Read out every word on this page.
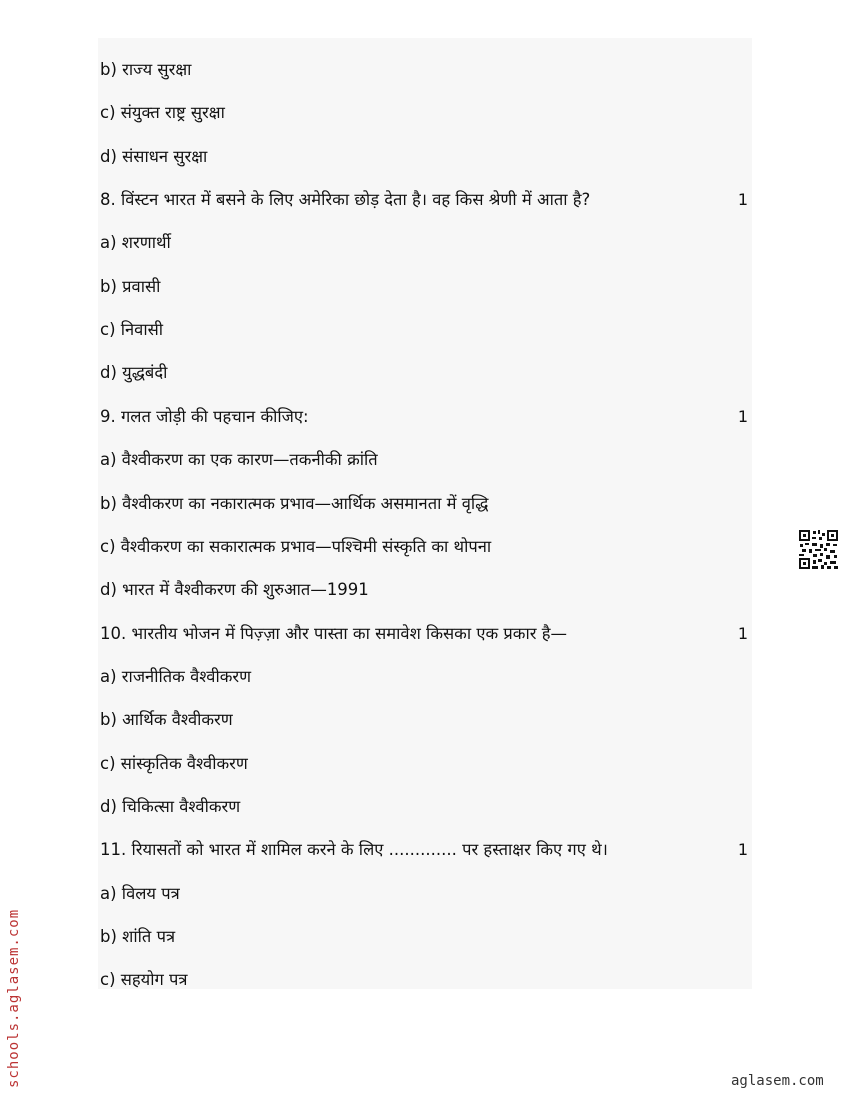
b) राज्य सुरक्षा
c) संयुक्त राष्ट्र सुरक्षा
d) संसाधन सुरक्षा
8. विंस्टन भारत में बसने के लिए अमेरिका छोड़ देता है। वह किस श्रेणी में आता है?	1
a) शरणार्थी
b) प्रवासी
c) निवासी
d) युद्धबंदी
9. गलत जोड़ी की पहचान कीजिए:	1
a) वैश्वीकरण का एक कारण—तकनीकी क्रांति
b) वैश्वीकरण का नकारात्मक प्रभाव—आर्थिक असमानता में वृद्धि
c) वैश्वीकरण का सकारात्मक प्रभाव—पश्चिमी संस्कृति का थोपना
d) भारत में वैश्वीकरण की शुरुआत—1991
10. भारतीय भोजन में पिज़्ज़ा और पास्ता का समावेश किसका एक प्रकार है—	1
a) राजनीतिक वैश्वीकरण
b) आर्थिक वैश्वीकरण
c) सांस्कृतिक वैश्वीकरण
d) चिकित्सा वैश्वीकरण
11. रियासतों को भारत में शामिल करने के लिए ............. पर हस्ताक्षर किए गए थे।	1
a) विलय पत्र
b) शांति पत्र
c) सहयोग पत्र
schools.aglasem.com	aglasem.com
